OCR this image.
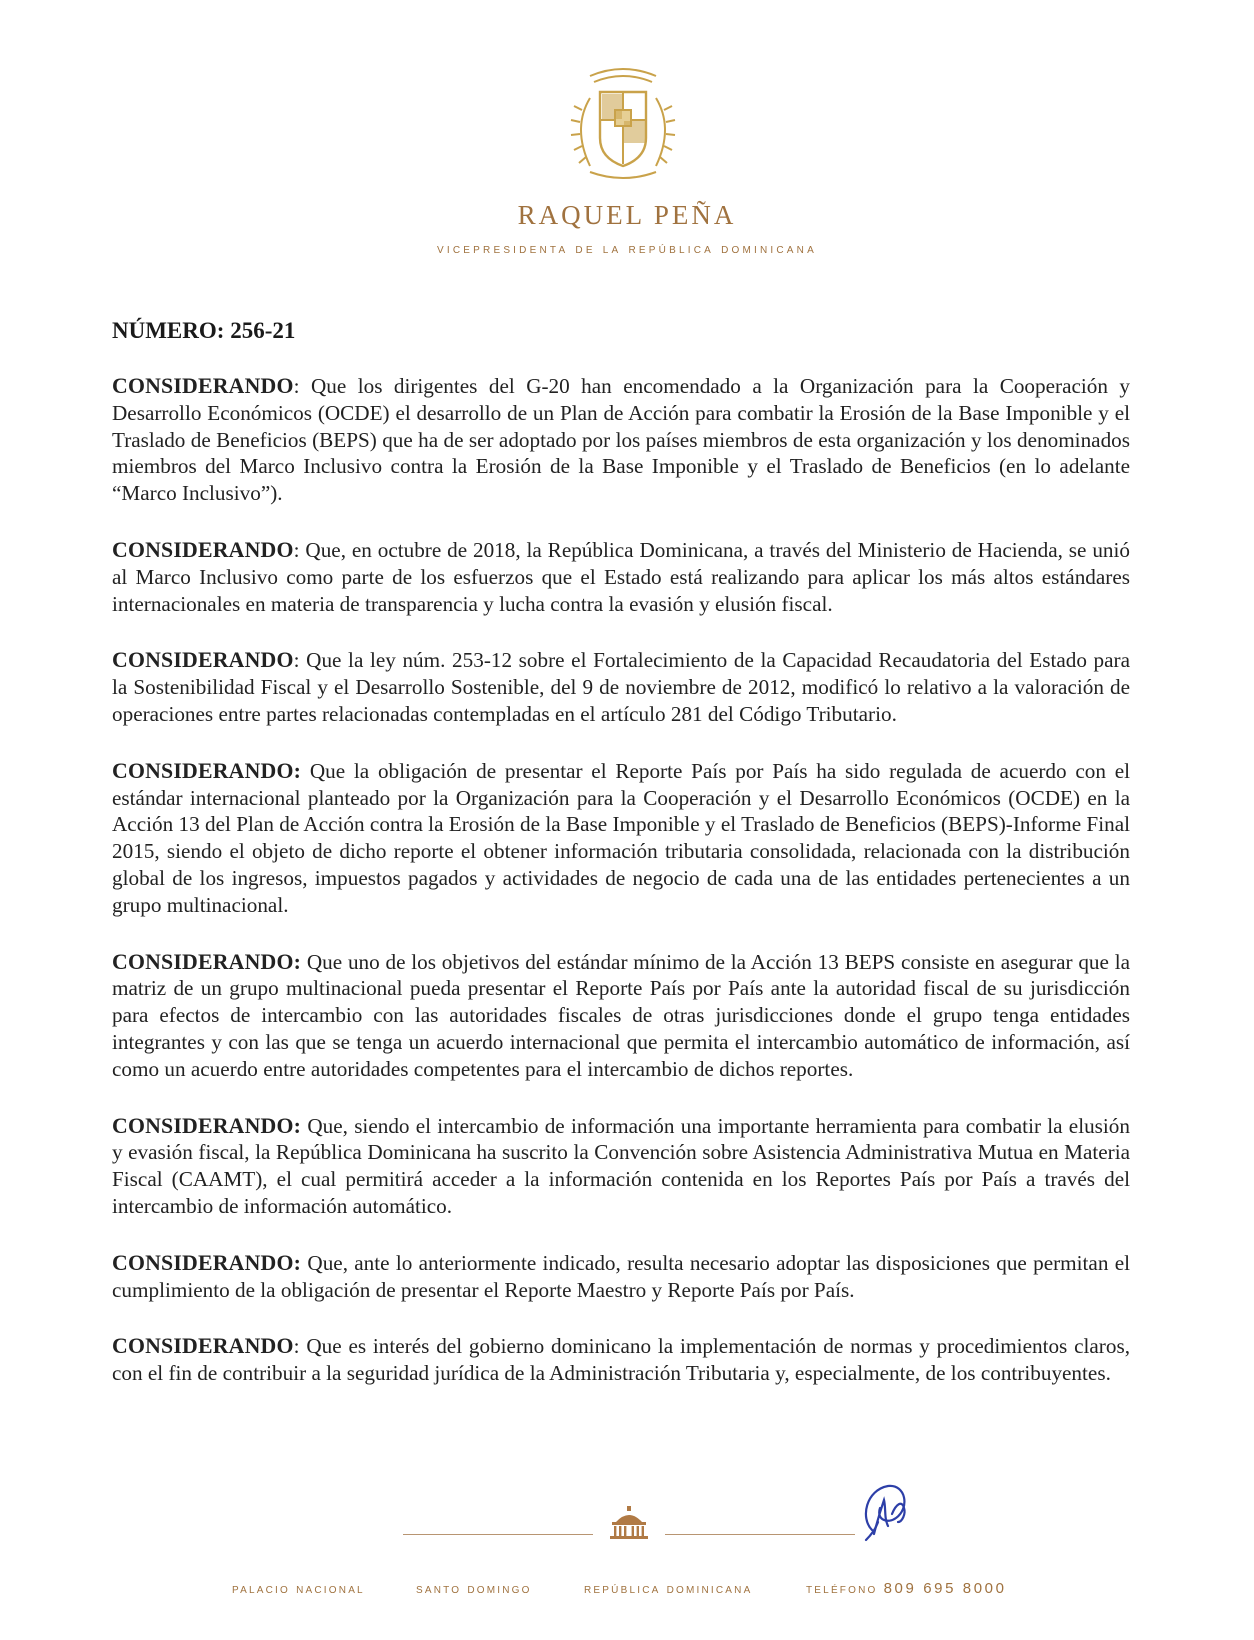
RAQUEL PEÑA
vicepresidenta de la república dominicana
NÚMERO: 256-21

CONSIDERANDO: Que los dirigentes del G-20 han encomendado a la Organización para la Cooperación y Desarrollo Económicos (OCDE) el desarrollo de un Plan de Acción para combatir la Erosión de la Base Imponible y el Traslado de Beneficios (BEPS) que ha de ser adoptado por los países miembros de esta organización y los denominados miembros del Marco Inclusivo contra la Erosión de la Base Imponible y el Traslado de Beneficios (en lo adelante “Marco Inclusivo”).

CONSIDERANDO: Que, en octubre de 2018, la República Dominicana, a través del Ministerio de Hacienda, se unió al Marco Inclusivo como parte de los esfuerzos que el Estado está realizando para aplicar los más altos estándares internacionales en materia de transparencia y lucha contra la evasión y elusión fiscal.

CONSIDERANDO: Que la ley núm. 253-12 sobre el Fortalecimiento de la Capacidad Recaudatoria del Estado para la Sostenibilidad Fiscal y el Desarrollo Sostenible, del 9 de noviembre de 2012, modificó lo relativo a la valoración de operaciones entre partes relacionadas contempladas en el artículo 281 del Código Tributario.

CONSIDERANDO: Que la obligación de presentar el Reporte País por País ha sido regulada de acuerdo con el estándar internacional planteado por la Organización para la Cooperación y el Desarrollo Económicos (OCDE) en la Acción 13 del Plan de Acción contra la Erosión de la Base Imponible y el Traslado de Beneficios (BEPS)-Informe Final 2015, siendo el objeto de dicho reporte el obtener información tributaria consolidada, relacionada con la distribución global de los ingresos, impuestos pagados y actividades de negocio de cada una de las entidades pertenecientes a un grupo multinacional.

CONSIDERANDO: Que uno de los objetivos del estándar mínimo de la Acción 13 BEPS consiste en asegurar que la matriz de un grupo multinacional pueda presentar el Reporte País por País ante la autoridad fiscal de su jurisdicción para efectos de intercambio con las autoridades fiscales de otras jurisdicciones donde el grupo tenga entidades integrantes y con las que se tenga un acuerdo internacional que permita el intercambio automático de información, así como un acuerdo entre autoridades competentes para el intercambio de dichos reportes.

CONSIDERANDO: Que, siendo el intercambio de información una importante herramienta para combatir la elusión y evasión fiscal, la República Dominicana ha suscrito la Convención sobre Asistencia Administrativa Mutua en Materia Fiscal (CAAMT), el cual permitirá acceder a la información contenida en los Reportes País por País a través del intercambio de información automático.

CONSIDERANDO: Que, ante lo anteriormente indicado, resulta necesario adoptar las disposiciones que permitan el cumplimiento de la obligación de presentar el Reporte Maestro y Reporte País por País.

CONSIDERANDO: Que es interés del gobierno dominicano la implementación de normas y procedimientos claros, con el fin de contribuir a la seguridad jurídica de la Administración Tributaria y, especialmente, de los contribuyentes.

palacio nacional	santo domingo	república dominicana	teléfono 809 695 8000
